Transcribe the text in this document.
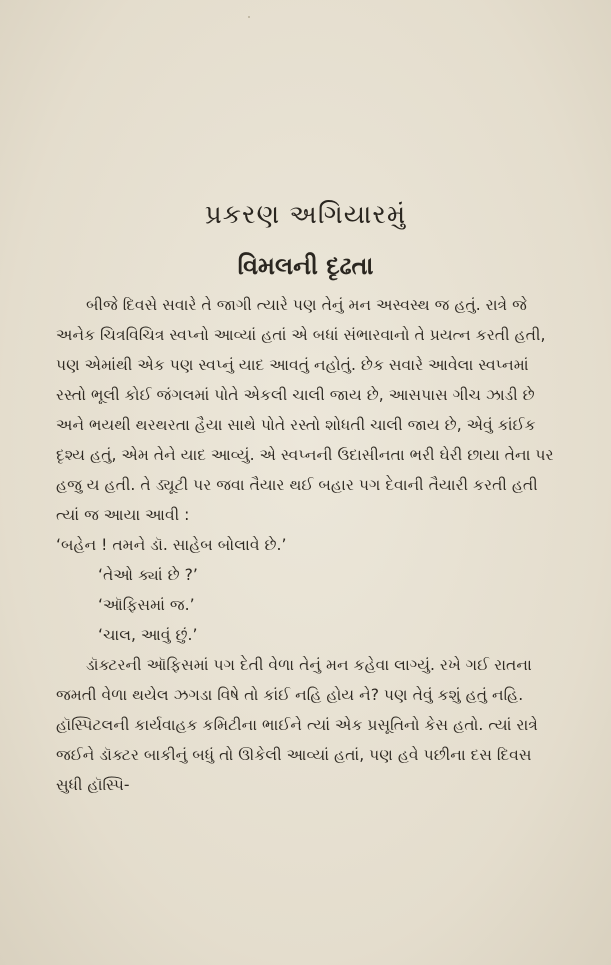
પ્રકરણ અગિયારમું
વિમલની દૃઢતા

બીજે દિવસે સવારે તે જાગી ત્યારે પણ તેનું મન અસ્વસ્થ જ હતું. રાત્રે જે અનેક ચિત્રવિચિત્ર સ્વપ્નો આવ્યાં હતાં એ બધાં સંભારવાનો તે પ્રયત્ન કરતી હતી, પણ એમાંથી એક પણ સ્વપ્નું યાદ આવતું નહોતું. છેક સવારે આવેલા સ્વપ્નમાં રસ્તો ભૂલી કોઈ જંગલમાં પોતે એકલી ચાલી જાય છે, આસપાસ ગીચ ઝાડી છે અને ભયથી થરથરતા હૈયા સાથે પોતે રસ્તો શોધતી ચાલી જાય છે, એવું કાંઈક દૃશ્ય હતું, એમ તેને યાદ આવ્યું. એ સ્વપ્નની ઉદાસીનતા ભરી ઘેરી છાયા તેના પર હજુ ય હતી. તે ડ્યૂટી પર જવા તૈયાર થઈ બહાર પગ દેવાની તૈયારી કરતી હતી ત્યાં જ આયા આવી :

‘બહેન ! તમને ડૉ. સાહેબ બોલાવે છે.’

‘તેઓ ક્યાં છે ?’

‘ઑફિસમાં જ.’

‘ચાલ, આવું છું.’

ડૉક્ટરની ઑફિસમાં પગ દેતી વેળા તેનું મન કહેવા લાગ્યું. રખે ગઈ રાતના જમતી વેળા થયેલ ઝગડા વિષે તો કાંઈ નહિ હોય ને? પણ તેવું કશું હતું નહિ. હૉસ્પિટલની કાર્યવાહક કમિટીના ભાઈને ત્યાં એક પ્રસૂતિનો કેસ હતો. ત્યાં રાત્રે જઈને ડૉક્ટર બાકીનું બધું તો ઊકેલી આવ્યાં હતાં, પણ હવે પછીના દસ દિવસ સુધી હૉસ્પિ-
